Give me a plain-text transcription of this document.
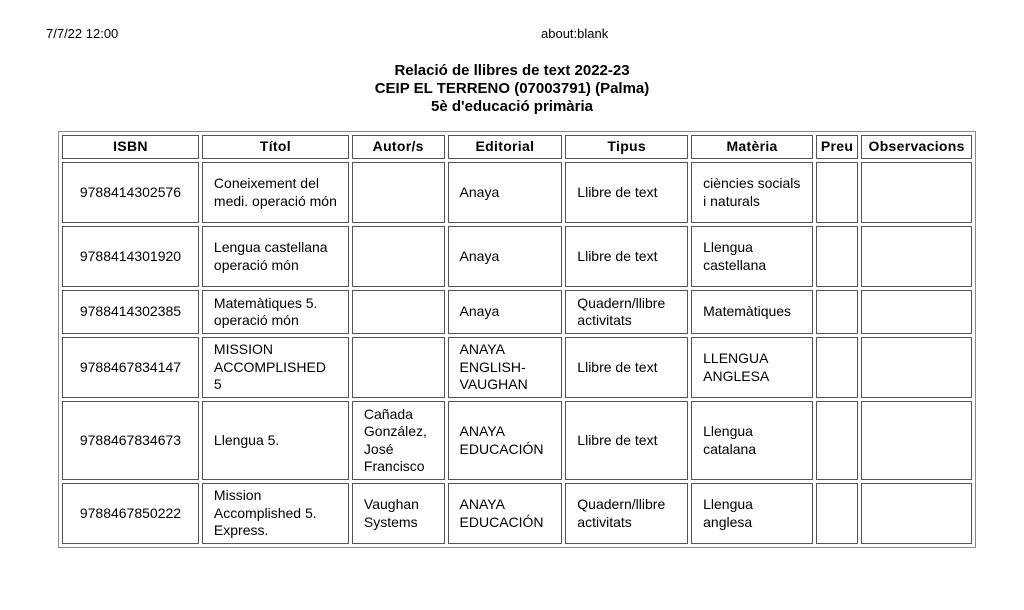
7/7/22 12:00	about:blank
Relació de llibres de text 2022-23
CEIP EL TERRENO (07003791) (Palma)
5è d'educació primària
ISBN	Títol	Autor/s	Editorial	Tipus	Matèria	Preu	Observacions
9788414302576	Coneixement del medi. operació món		Anaya	Llibre de text	ciències socials i naturals		
9788414301920	Lengua castellana operació món		Anaya	Llibre de text	Llengua castellana		
9788414302385	Matemàtiques 5. operació món		Anaya	Quadern/llibre activitats	Matemàtiques		
9788467834147	MISSION ACCOMPLISHED 5		ANAYA ENGLISH-VAUGHAN	Llibre de text	LLENGUA ANGLESA		
9788467834673	Llengua 5.	Cañada González, José Francisco	ANAYA EDUCACIÓN	Llibre de text	Llengua catalana		
9788467850222	Mission Accomplished 5. Express.	Vaughan Systems	ANAYA EDUCACIÓN	Quadern/llibre activitats	Llengua anglesa		
